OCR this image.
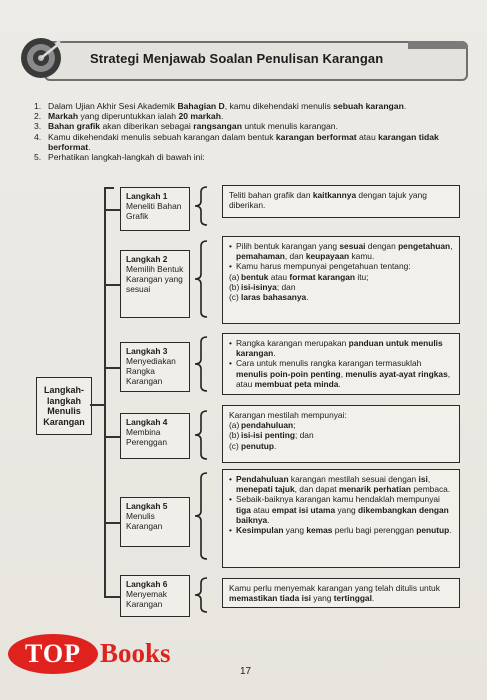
Strategi Menjawab Soalan Penulisan Karangan
1. Dalam Ujian Akhir Sesi Akademik Bahagian D, kamu dikehendaki menulis sebuah karangan.
2. Markah yang diperuntukkan ialah 20 markah.
3. Bahan grafik akan diberikan sebagai rangsangan untuk menulis karangan.
4. Kamu dikehendaki menulis sebuah karangan dalam bentuk karangan berformat atau karangan tidak berformat.
5. Perhatikan langkah-langkah di bawah ini:
Langkah-langkah Menulis Karangan
Langkah 1
Meneliti Bahan Grafik
Teliti bahan grafik dan kaitkannya dengan tajuk yang diberikan.
Langkah 2
Memilih Bentuk Karangan yang sesuai
• Pilih bentuk karangan yang sesuai dengan pengetahuan, pemahaman, dan keupayaan kamu.
• Kamu harus mempunyai pengetahuan tentang:
(a) bentuk atau format karangan itu;
(b) isi-isinya; dan
(c) laras bahasanya.
Langkah 3
Menyediakan Rangka Karangan
• Rangka karangan merupakan panduan untuk menulis karangan.
• Cara untuk menulis rangka karangan termasuklah menulis poin-poin penting, menulis ayat-ayat ringkas, atau membuat peta minda.
Langkah 4
Membina Perenggan
Karangan mestilah mempunyai:
(a) pendahuluan;
(b) isi-isi penting; dan
(c) penutup.
Langkah 5
Menulis Karangan
• Pendahuluan karangan mestilah sesuai dengan isi, menepati tajuk, dan dapat menarik perhatian pembaca.
• Sebaik-baiknya karangan kamu hendaklah mempunyai tiga atau empat isi utama yang dikembangkan dengan baiknya.
• Kesimpulan yang kemas perlu bagi perenggan penutup.
Langkah 6
Menyemak Karangan
Kamu perlu menyemak karangan yang telah ditulis untuk memastikan tiada isi yang tertinggal.
17
TOP Books
